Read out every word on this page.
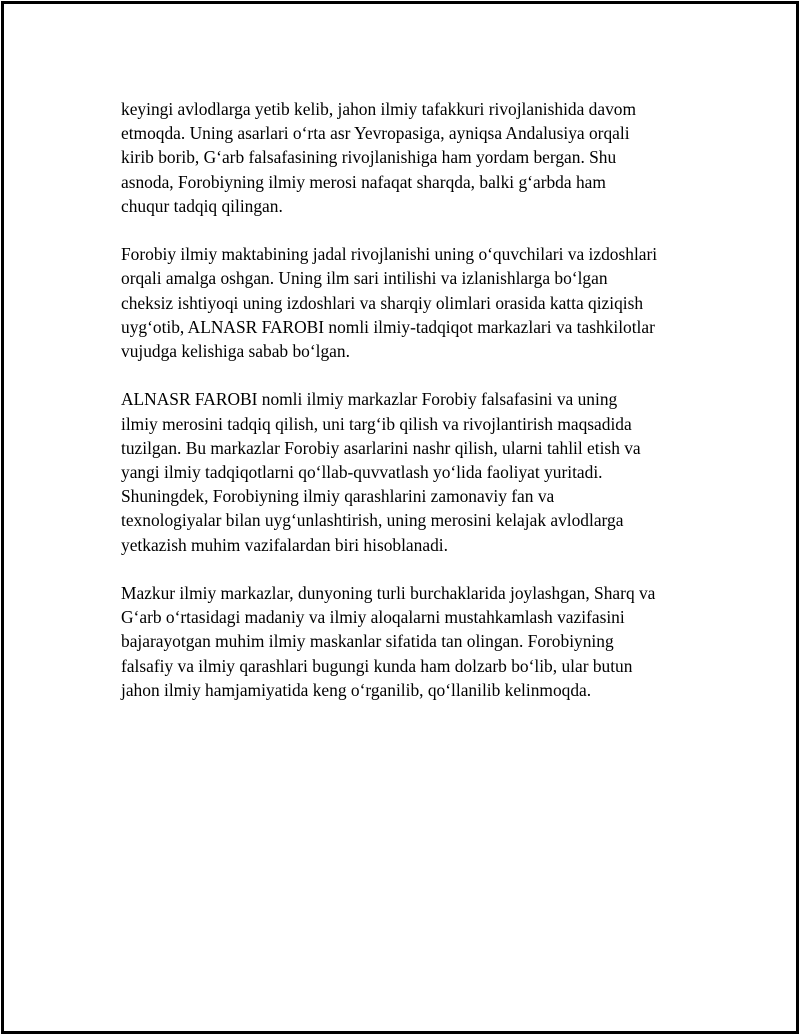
keyingi avlodlarga yetib kelib, jahon ilmiy tafakkuri rivojlanishida davom
etmoqda. Uning asarlari o‘rta asr Yevropasiga, ayniqsa Andalusiya orqali
kirib borib, G‘arb falsafasining rivojlanishiga ham yordam bergan. Shu
asnoda, Forobiyning ilmiy merosi nafaqat sharqda, balki g‘arbda ham
chuqur tadqiq qilingan.

Forobiy ilmiy maktabining jadal rivojlanishi uning o‘quvchilari va izdoshlari
orqali amalga oshgan. Uning ilm sari intilishi va izlanishlarga bo‘lgan
cheksiz ishtiyoqi uning izdoshlari va sharqiy olimlari orasida katta qiziqish
uyg‘otib, ALNASR FAROBI nomli ilmiy-tadqiqot markazlari va tashkilotlar
vujudga kelishiga sabab bo‘lgan.

ALNASR FAROBI nomli ilmiy markazlar Forobiy falsafasini va uning
ilmiy merosini tadqiq qilish, uni targ‘ib qilish va rivojlantirish maqsadida
tuzilgan. Bu markazlar Forobiy asarlarini nashr qilish, ularni tahlil etish va
yangi ilmiy tadqiqotlarni qo‘llab-quvvatlash yo‘lida faoliyat yuritadi.
Shuningdek, Forobiyning ilmiy qarashlarini zamonaviy fan va
texnologiyalar bilan uyg‘unlashtirish, uning merosini kelajak avlodlarga
yetkazish muhim vazifalardan biri hisoblanadi.

Mazkur ilmiy markazlar, dunyoning turli burchaklarida joylashgan, Sharq va
G‘arb o‘rtasidagi madaniy va ilmiy aloqalarni mustahkamlash vazifasini
bajarayotgan muhim ilmiy maskanlar sifatida tan olingan. Forobiyning
falsafiy va ilmiy qarashlari bugungi kunda ham dolzarb bo‘lib, ular butun
jahon ilmiy hamjamiyatida keng o‘rganilib, qo‘llanilib kelinmoqda.
